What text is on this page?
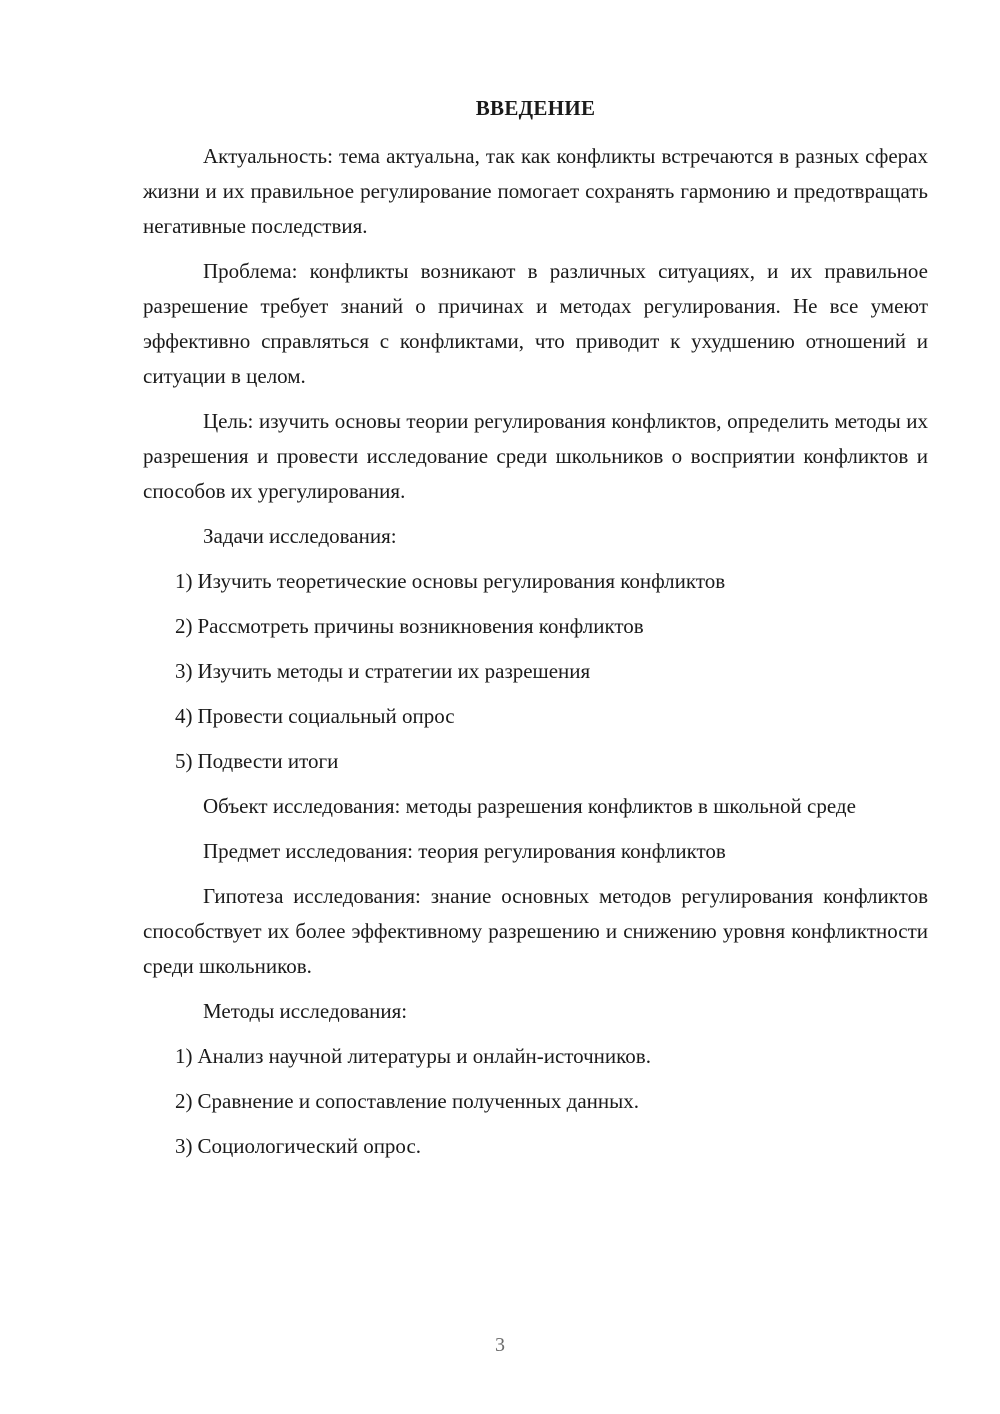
ВВЕДЕНИЕ

Актуальность: тема актуальна, так как конфликты встречаются в разных сферах жизни и их правильное регулирование помогает сохранять гармонию и предотвращать негативные последствия.

Проблема: конфликты возникают в различных ситуациях, и их правильное разрешение требует знаний о причинах и методах регулирования. Не все умеют эффективно справляться с конфликтами, что приводит к ухудшению отношений и ситуации в целом.

Цель: изучить основы теории регулирования конфликтов, определить методы их разрешения и провести исследование среди школьников о восприятии конфликтов и способов их урегулирования.

Задачи исследования:

1) Изучить теоретические основы регулирования конфликтов
2) Рассмотреть причины возникновения конфликтов
3) Изучить методы и стратегии их разрешения
4) Провести социальный опрос
5) Подвести итоги

Объект исследования: методы разрешения конфликтов в школьной среде

Предмет исследования: теория регулирования конфликтов

Гипотеза исследования: знание основных методов регулирования конфликтов способствует их более эффективному разрешению и снижению уровня конфликтности среди школьников.

Методы исследования:

1) Анализ научной литературы и онлайн-источников.
2) Сравнение и сопоставление полученных данных.
3) Социологический опрос.
3
